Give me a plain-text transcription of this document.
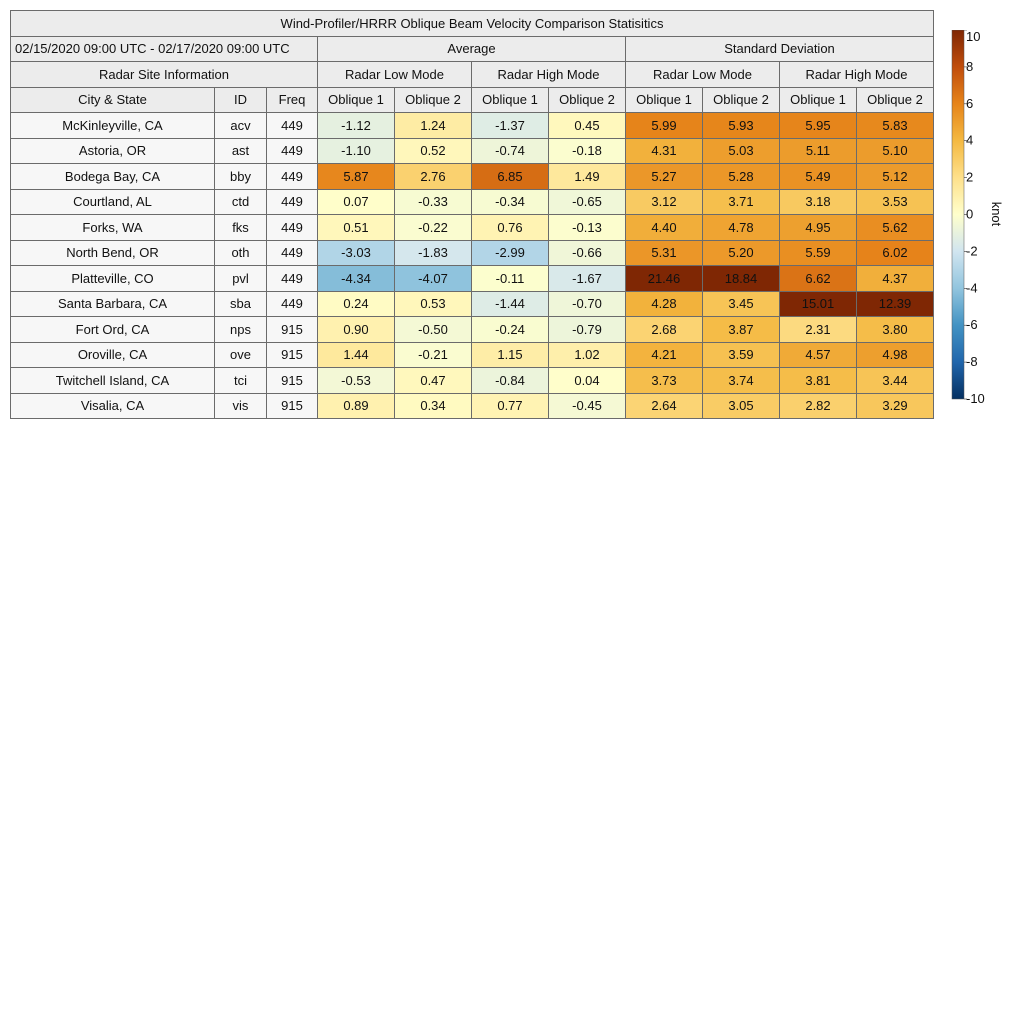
Wind-Profiler/HRRR Oblique Beam Velocity Comparison Statisitics										
02/15/2020 09:00 UTC - 02/17/2020 09:00 UTC			Average				Standard Deviation			
Radar Site Information			Radar Low Mode		Radar High Mode		Radar Low Mode		Radar High Mode	
City & State	ID	Freq	Oblique 1	Oblique 2	Oblique 1	Oblique 2	Oblique 1	Oblique 2	Oblique 1	Oblique 2
McKinleyville, CA	acv	449	-1.12	1.24	-1.37	0.45	5.99	5.93	5.95	5.83
Astoria, OR	ast	449	-1.10	0.52	-0.74	-0.18	4.31	5.03	5.11	5.10
Bodega Bay, CA	bby	449	5.87	2.76	6.85	1.49	5.27	5.28	5.49	5.12
Courtland, AL	ctd	449	0.07	-0.33	-0.34	-0.65	3.12	3.71	3.18	3.53
Forks, WA	fks	449	0.51	-0.22	0.76	-0.13	4.40	4.78	4.95	5.62
North Bend, OR	oth	449	-3.03	-1.83	-2.99	-0.66	5.31	5.20	5.59	6.02
Platteville, CO	pvl	449	-4.34	-4.07	-0.11	-1.67	21.46	18.84	6.62	4.37
Santa Barbara, CA	sba	449	0.24	0.53	-1.44	-0.70	4.28	3.45	15.01	12.39
Fort Ord, CA	nps	915	0.90	-0.50	-0.24	-0.79	2.68	3.87	2.31	3.80
Oroville, CA	ove	915	1.44	-0.21	1.15	1.02	4.21	3.59	4.57	4.98
Twitchell Island, CA	tci	915	-0.53	0.47	-0.84	0.04	3.73	3.74	3.81	3.44
Visalia, CA	vis	915	0.89	0.34	0.77	-0.45	2.64	3.05	2.82	3.29
10
8
6
4
2
0
-2
-4
-6
-8
-10
knot
